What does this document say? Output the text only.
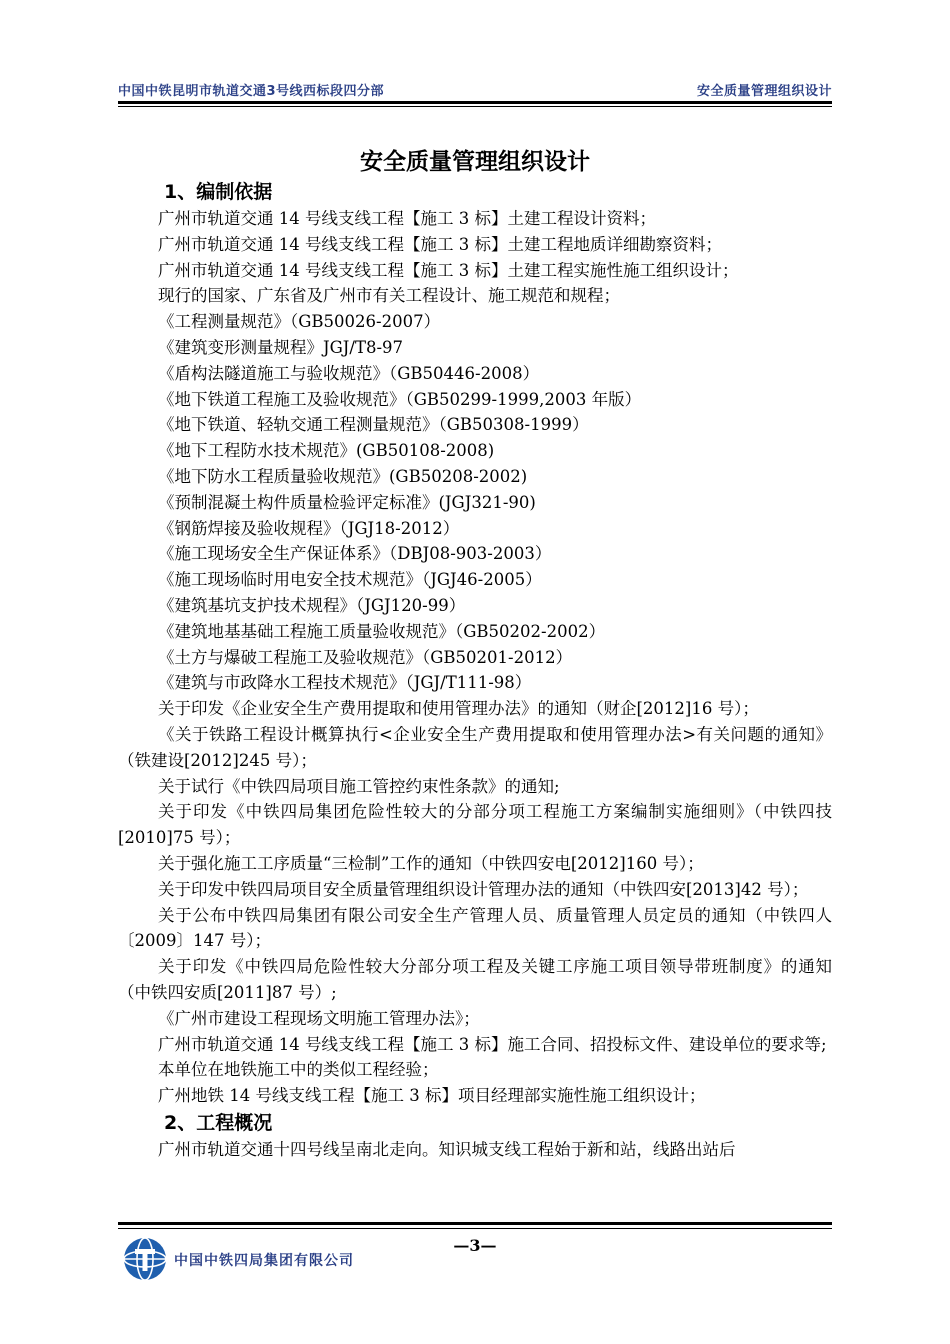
中国中铁昆明市轨道交通3号线西标段四分部	安全质量管理组织设计
安全质量管理组织设计
1、编制依据
广州市轨道交通 14 号线支线工程【施工 3 标】土建工程设计资料；
广州市轨道交通 14 号线支线工程【施工 3 标】土建工程地质详细勘察资料；
广州市轨道交通 14 号线支线工程【施工 3 标】土建工程实施性施工组织设计；
现行的国家、广东省及广州市有关工程设计、施工规范和规程；
《工程测量规范》（GB50026-2007）
《建筑变形测量规程》JGJ/T8-97
《盾构法隧道施工与验收规范》（GB50446-2008）
《地下铁道工程施工及验收规范》（GB50299-1999,2003 年版）
《地下铁道、轻轨交通工程测量规范》（GB50308-1999）
《地下工程防水技术规范》(GB50108-2008)
《地下防水工程质量验收规范》(GB50208-2002)
《预制混凝土构件质量检验评定标准》(JGJ321-90)
《钢筋焊接及验收规程》（JGJ18-2012）
《施工现场安全生产保证体系》（DBJ08-903-2003）
《施工现场临时用电安全技术规范》（JGJ46-2005）
《建筑基坑支护技术规程》（JGJ120-99）
《建筑地基基础工程施工质量验收规范》（GB50202-2002）
《土方与爆破工程施工及验收规范》（GB50201-2012）
《建筑与市政降水工程技术规范》（JGJ/T111-98）
关于印发《企业安全生产费用提取和使用管理办法》的通知（财企[2012]16 号）；
《关于铁路工程设计概算执行<企业安全生产费用提取和使用管理办法>有关问题的通知》（铁建设[2012]245 号）；
关于试行《中铁四局项目施工管控约束性条款》的通知;
关于印发《中铁四局集团危险性较大的分部分项工程施工方案编制实施细则》（中铁四技[2010]75 号）；
关于强化施工工序质量“三检制”工作的通知（中铁四安电[2012]160 号）；
关于印发中铁四局项目安全质量管理组织设计管理办法的通知（中铁四安[2013]42 号）；
关于公布中铁四局集团有限公司安全生产管理人员、质量管理人员定员的通知（中铁四人〔2009〕147 号）；
关于印发《中铁四局危险性较大分部分项工程及关键工序施工项目领导带班制度》的通知（中铁四安质[2011]87 号）;
《广州市建设工程现场文明施工管理办法》；
广州市轨道交通 14 号线支线工程【施工 3 标】施工合同、招投标文件、建设单位的要求等;
本单位在地铁施工中的类似工程经验；
广州地铁 14 号线支线工程【施工 3 标】项目经理部实施性施工组织设计；
2、工程概况
广州市轨道交通十四号线呈南北走向。知识城支线工程始于新和站，线路出站后
—3—
中国中铁四局集团有限公司
